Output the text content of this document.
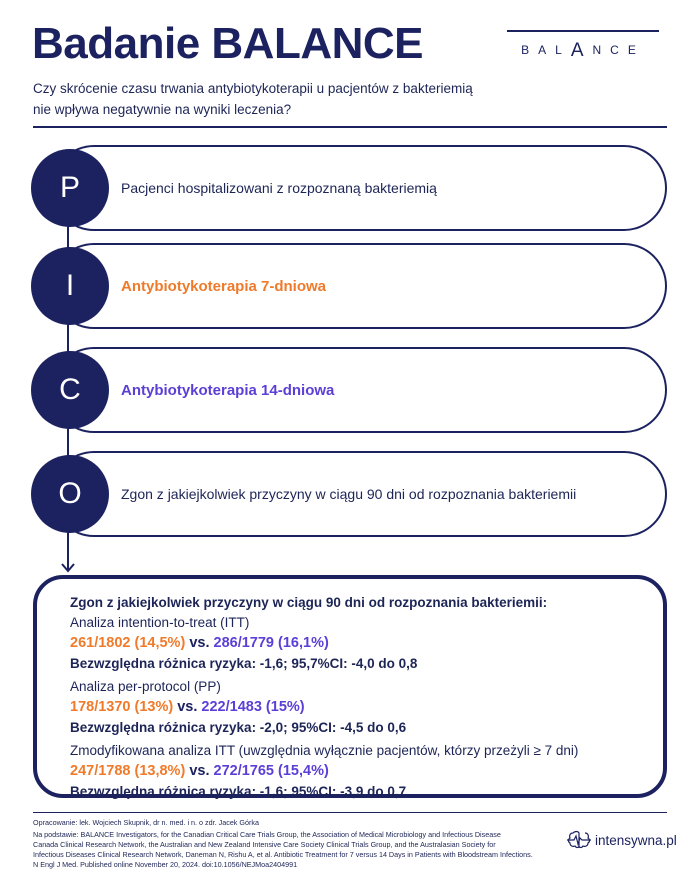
Badanie BALANCE	BALANCE
Czy skrócenie czasu trwania antybiotykoterapii u pacjentów z bakteriemią
nie wpływa negatywnie na wyniki leczenia?
P	Pacjenci hospitalizowani z rozpoznaną bakteriemią
I	Antybiotykoterapia 7-dniowa
C	Antybiotykoterapia 14-dniowa
O	Zgon z jakiejkolwiek przyczyny w ciągu 90 dni od rozpoznania bakteriemii
Zgon z jakiejkolwiek przyczyny w ciągu 90 dni od rozpoznania bakteriemii:
Analiza intention-to-treat (ITT)
261/1802 (14,5%) vs. 286/1779 (16,1%)
Bezwzględna różnica ryzyka: -1,6; 95,7%CI: -4,0 do 0,8
Analiza per-protocol (PP)
178/1370 (13%) vs. 222/1483 (15%)
Bezwzględna różnica ryzyka: -2,0; 95%CI: -4,5 do 0,6
Zmodyfikowana analiza ITT (uwzględnia wyłącznie pacjentów, którzy przeżyli ≥ 7 dni)
247/1788 (13,8%) vs. 272/1765 (15,4%)
Bezwzględna różnica ryzyka: -1,6; 95%CI: -3,9 do 0,7
Opracowanie: lek. Wojciech Skupnik, dr n. med. i n. o zdr. Jacek Górka
Na podstawie: BALANCE Investigators, for the Canadian Critical Care Trials Group, the Association of Medical Microbiology and Infectious Disease
Canada Clinical Research Network, the Australian and New Zealand Intensive Care Society Clinical Trials Group, and the Australasian Society for
Infectious Diseases Clinical Research Network, Daneman N, Rishu A, et al. Antibiotic Treatment for 7 versus 14 Days in Patients with Bloodstream Infections.
N Engl J Med. Published online November 20, 2024. doi:10.1056/NEJMoa2404991
intensywna.pl
